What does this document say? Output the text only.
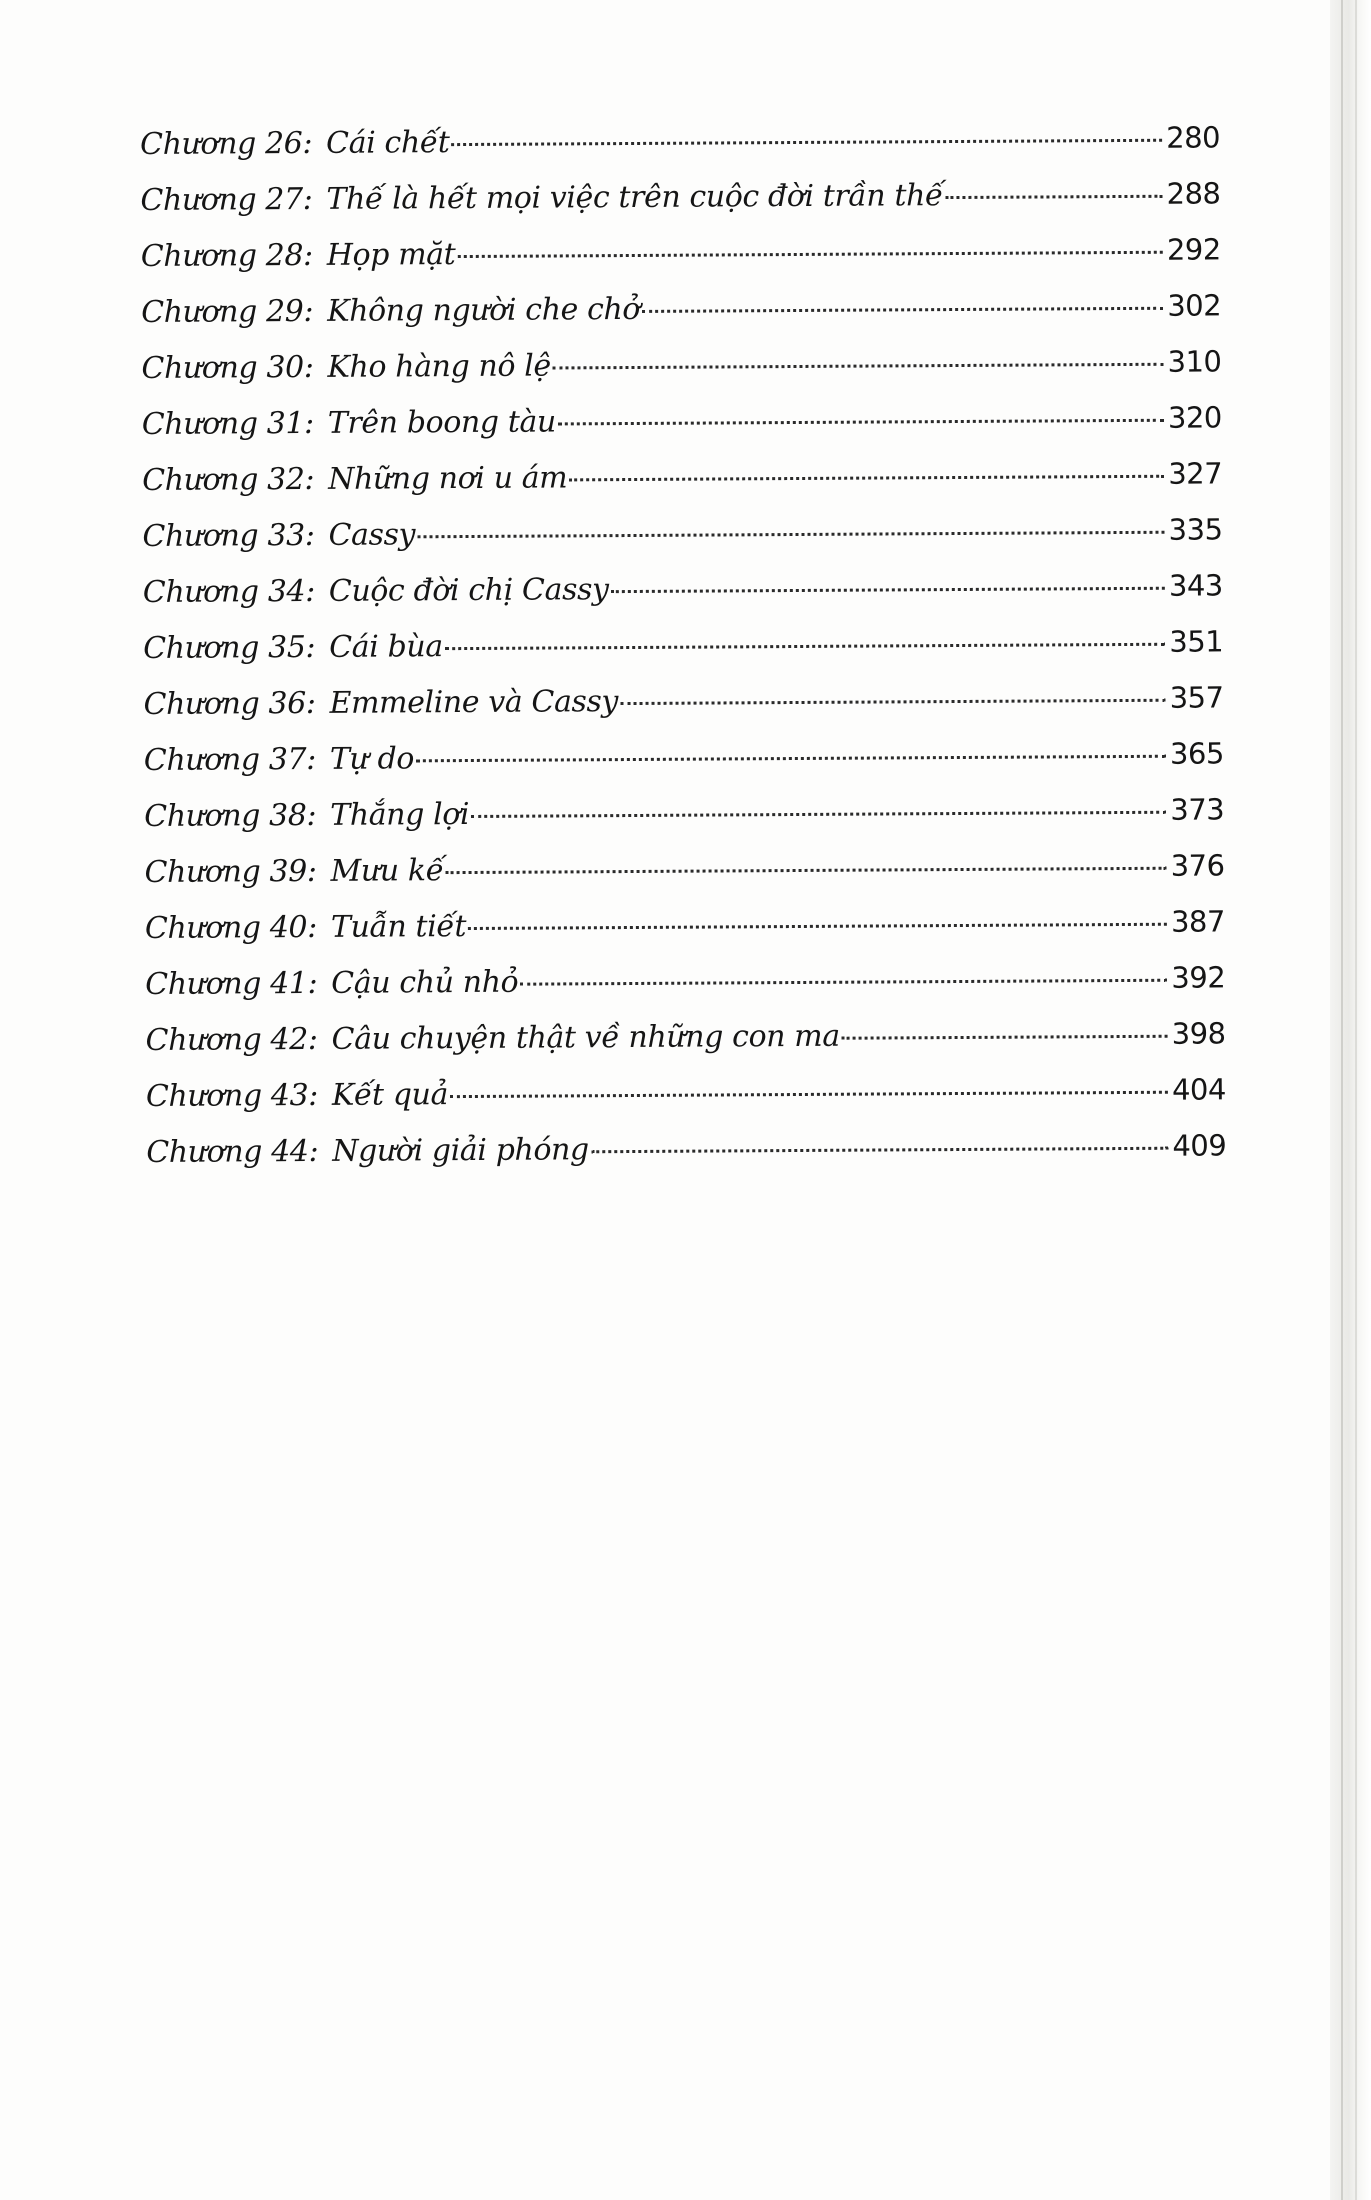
Chương 26: Cái chết	280
Chương 27: Thế là hết mọi việc trên cuộc đời trần thế	288
Chương 28: Họp mặt	292
Chương 29: Không người che chở	302
Chương 30: Kho hàng nô lệ	310
Chương 31: Trên boong tàu	320
Chương 32: Những nơi u ám	327
Chương 33: Cassy	335
Chương 34: Cuộc đời chị Cassy	343
Chương 35: Cái bùa	351
Chương 36: Emmeline và Cassy	357
Chương 37: Tự do	365
Chương 38: Thắng lợi	373
Chương 39: Mưu kế	376
Chương 40: Tuẫn tiết	387
Chương 41: Cậu chủ nhỏ	392
Chương 42: Câu chuyện thật về những con ma	398
Chương 43: Kết quả	404
Chương 44: Người giải phóng	409
